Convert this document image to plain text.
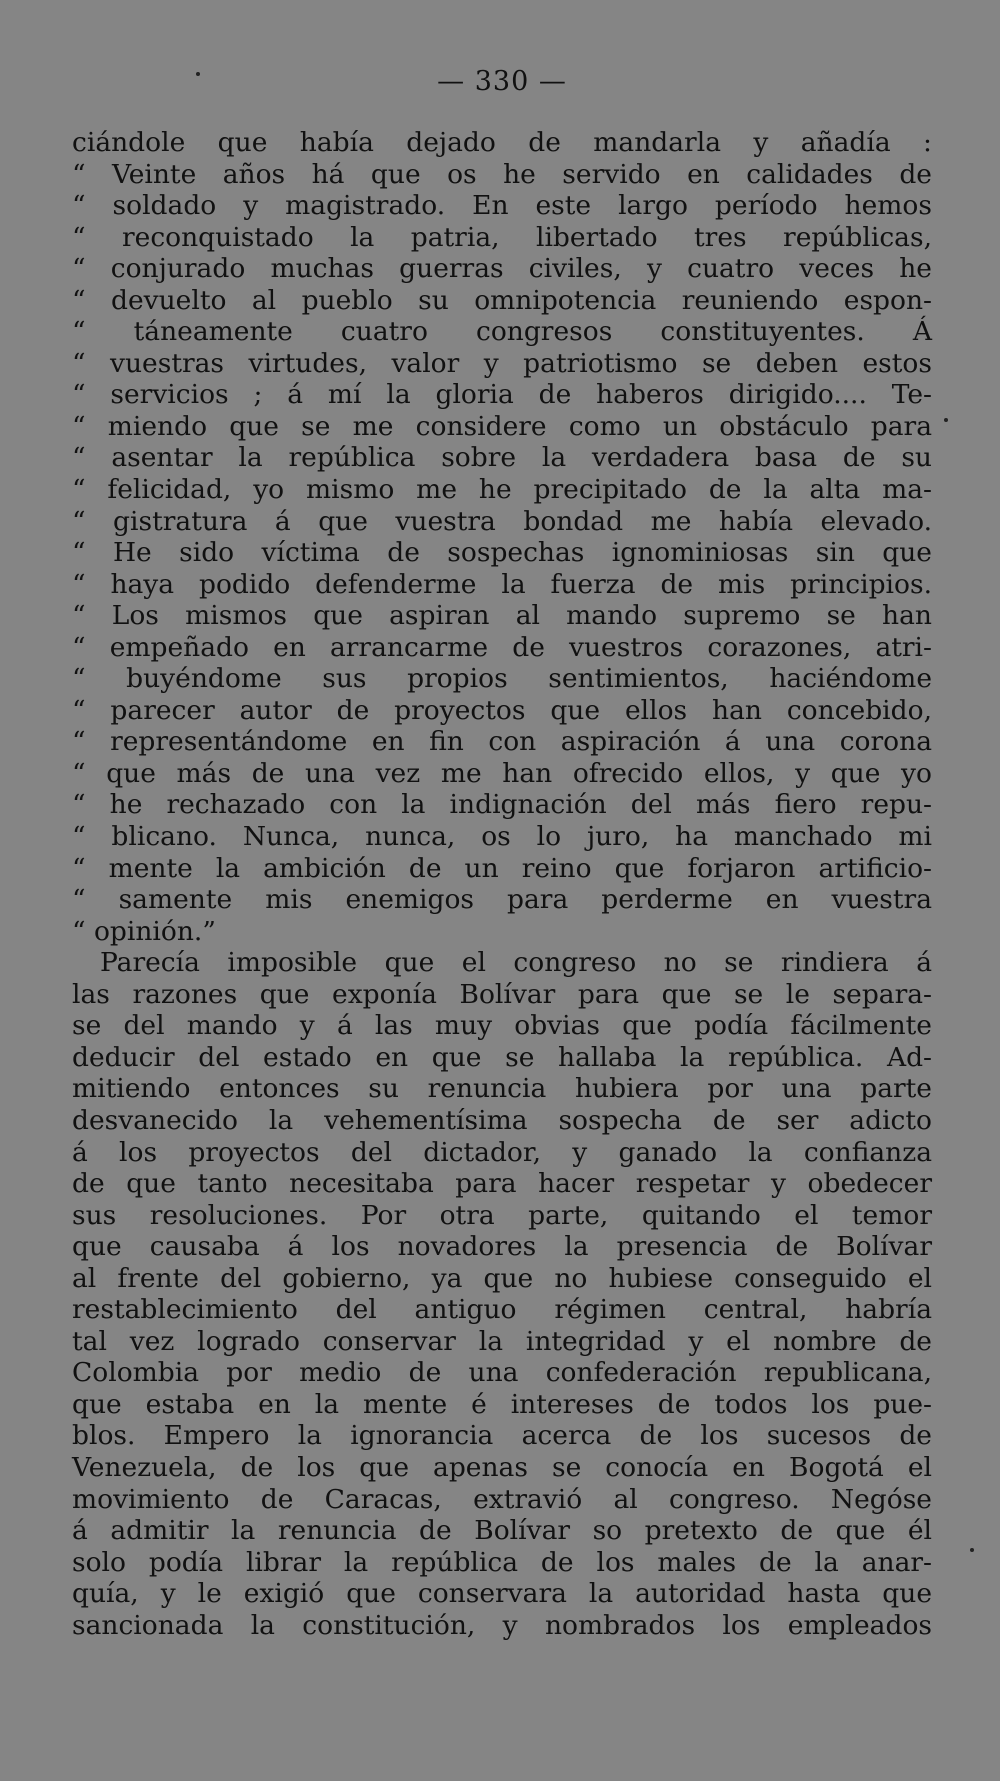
— 330 —
ciándole que había dejado de mandarla y añadía :
“ Veinte años há que os he servido en calidades de
“ soldado y magistrado. En este largo período hemos
“ reconquistado la patria, libertado tres repúblicas,
“ conjurado muchas guerras civiles, y cuatro veces he
“ devuelto al pueblo su omnipotencia reuniendo espon-
“ táneamente cuatro congresos constituyentes. Á
“ vuestras virtudes, valor y patriotismo se deben estos
“ servicios ; á mí la gloria de haberos dirigido.... Te-
“ miendo que se me considere como un obstáculo para
“ asentar la república sobre la verdadera basa de su
“ felicidad, yo mismo me he precipitado de la alta ma-
“ gistratura á que vuestra bondad me había elevado.
“ He sido víctima de sospechas ignominiosas sin que
“ haya podido defenderme la fuerza de mis principios.
“ Los mismos que aspiran al mando supremo se han
“ empeñado en arrancarme de vuestros corazones, atri-
“ buyéndome sus propios sentimientos, haciéndome
“ parecer autor de proyectos que ellos han concebido,
“ representándome en fin con aspiración á una corona
“ que más de una vez me han ofrecido ellos, y que yo
“ he rechazado con la indignación del más fiero repu-
“ blicano. Nunca, nunca, os lo juro, ha manchado mi
“ mente la ambición de un reino que forjaron artificio-
“ samente mis enemigos para perderme en vuestra
“ opinión.”
Parecía imposible que el congreso no se rindiera á
las razones que exponía Bolívar para que se le separa-
se del mando y á las muy obvias que podía fácilmente
deducir del estado en que se hallaba la república. Ad-
mitiendo entonces su renuncia hubiera por una parte
desvanecido la vehementísima sospecha de ser adicto
á los proyectos del dictador, y ganado la confianza
de que tanto necesitaba para hacer respetar y obedecer
sus resoluciones. Por otra parte, quitando el temor
que causaba á los novadores la presencia de Bolívar
al frente del gobierno, ya que no hubiese conseguido el
restablecimiento del antiguo régimen central, habría
tal vez logrado conservar la integridad y el nombre de
Colombia por medio de una confederación republicana,
que estaba en la mente é intereses de todos los pue-
blos. Empero la ignorancia acerca de los sucesos de
Venezuela, de los que apenas se conocía en Bogotá el
movimiento de Caracas, extravió al congreso. Negóse
á admitir la renuncia de Bolívar so pretexto de que él
solo podía librar la república de los males de la anar-
quía, y le exigió que conservara la autoridad hasta que
sancionada la constitución, y nombrados los empleados
